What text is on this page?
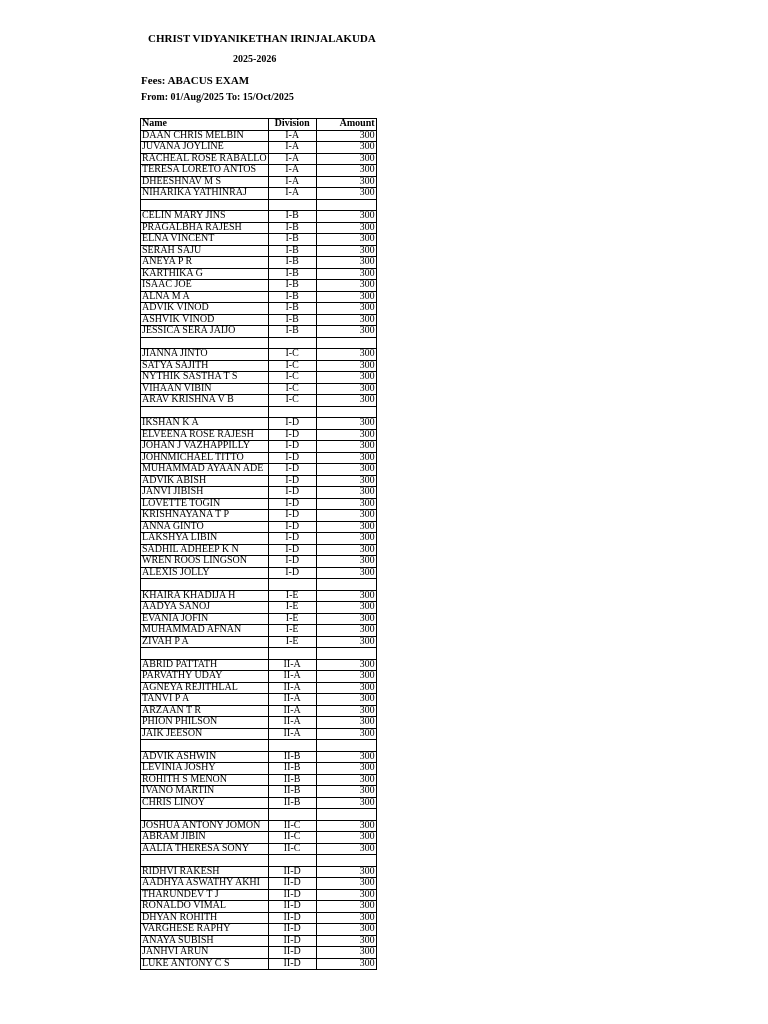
CHRIST VIDYANIKETHAN IRINJALAKUDA
2025-2026
Fees: ABACUS EXAM
From: 01/Aug/2025 To: 15/Oct/2025
Name	Division	Amount
DAAN CHRIS MELBIN	I-A	300
JUVANA JOYLINE	I-A	300
RACHEAL ROSE RABALLO	I-A	300
TERESA LORETO ANTOS	I-A	300
DHEESHNAV M S	I-A	300
NIHARIKA YATHINRAJ	I-A	300

CELIN MARY JINS	I-B	300
PRAGALBHA RAJESH	I-B	300
ELNA VINCENT	I-B	300
SERAH SAJU	I-B	300
ANEYA P R	I-B	300
KARTHIKA G	I-B	300
ISAAC JOE	I-B	300
ALNA M A	I-B	300
ADVIK VINOD	I-B	300
ASHVIK VINOD	I-B	300
JESSICA SERA JAIJO	I-B	300

JIANNA JINTO	I-C	300
SATYA SAJITH	I-C	300
NYTHIK SASTHA T S	I-C	300
VIHAAN VIBIN	I-C	300
ARAV KRISHNA V B	I-C	300

IKSHAN K A	I-D	300
ELVEENA ROSE RAJESH	I-D	300
JOHAN J VAZHAPPILLY	I-D	300
JOHNMICHAEL TITTO	I-D	300
MUHAMMAD AYAAN ADE	I-D	300
ADVIK ABISH	I-D	300
JANVI JIBISH	I-D	300
LOVETTE TOGIN	I-D	300
KRISHNAYANA T P	I-D	300
ANNA GINTO	I-D	300
LAKSHYA LIBIN	I-D	300
SADHIL ADHEEP K N	I-D	300
WREN ROOS LINGSON	I-D	300
ALEXIS JOLLY	I-D	300

KHAIRA KHADIJA H	I-E	300
AADYA SANOJ	I-E	300
EVANIA JOFIN	I-E	300
MUHAMMAD AFNAN	I-E	300
ZIVAH P A	I-E	300

ABRID PATTATH	II-A	300
PARVATHY UDAY	II-A	300
AGNEYA REJITHLAL	II-A	300
TANVI P A	II-A	300
ARZAAN T R	II-A	300
PHION PHILSON	II-A	300
JAIK JEESON	II-A	300

ADVIK ASHWIN	II-B	300
LEVINIA JOSHY	II-B	300
ROHITH S MENON	II-B	300
IVANO MARTIN	II-B	300
CHRIS LINOY	II-B	300

JOSHUA ANTONY JOMON	II-C	300
ABRAM JIBIN	II-C	300
AALIA THERESA SONY	II-C	300

RIDHVI RAKESH	II-D	300
AADHYA ASWATHY AKHI	II-D	300
THARUNDEV T J	II-D	300
RONALDO VIMAL	II-D	300
DHYAN ROHITH	II-D	300
VARGHESE RAPHY	II-D	300
ANAYA SUBISH	II-D	300
JANHVI ARUN	II-D	300
LUKE ANTONY C S	II-D	300
